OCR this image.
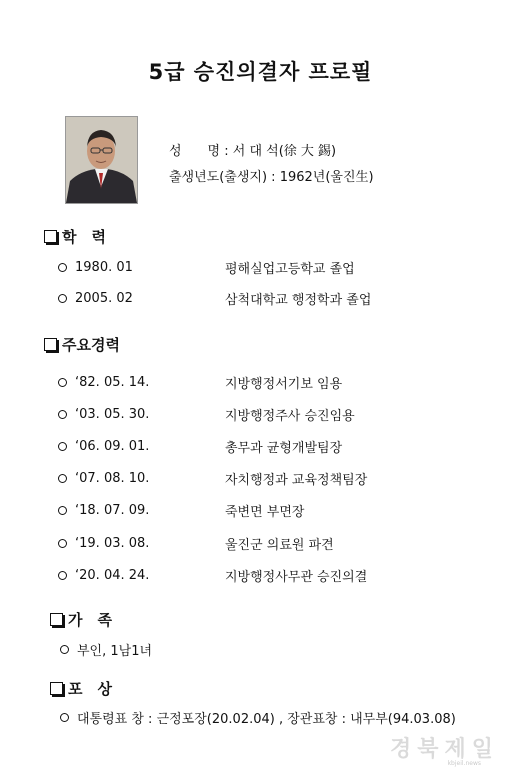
5급 승진의결자 프로필
성　　명 : 서 대 석(徐 大 錫)
출생년도(출생지) : 1962년(울진生)
학　력
1980. 01	평해실업고등학교 졸업
2005. 02	삼척대학교 행정학과 졸업
주요경력
‘82. 05. 14.	지방행정서기보 임용
‘03. 05. 30.	지방행정주사 승진임용
‘06. 09. 01.	총무과 균형개발팀장
‘07. 08. 10.	자치행정과 교육정책팀장
‘18. 07. 09.	죽변면 부면장
‘19. 03. 08.	울진군 의료원 파견
‘20. 04. 24.	지방행정사무관 승진의결
가　족
부인, 1남1녀
포　상
대통령표 창 : 근정포장(20.02.04) , 장관표창 : 내무부(94.03.08)
경북제일
kbjeil.news
